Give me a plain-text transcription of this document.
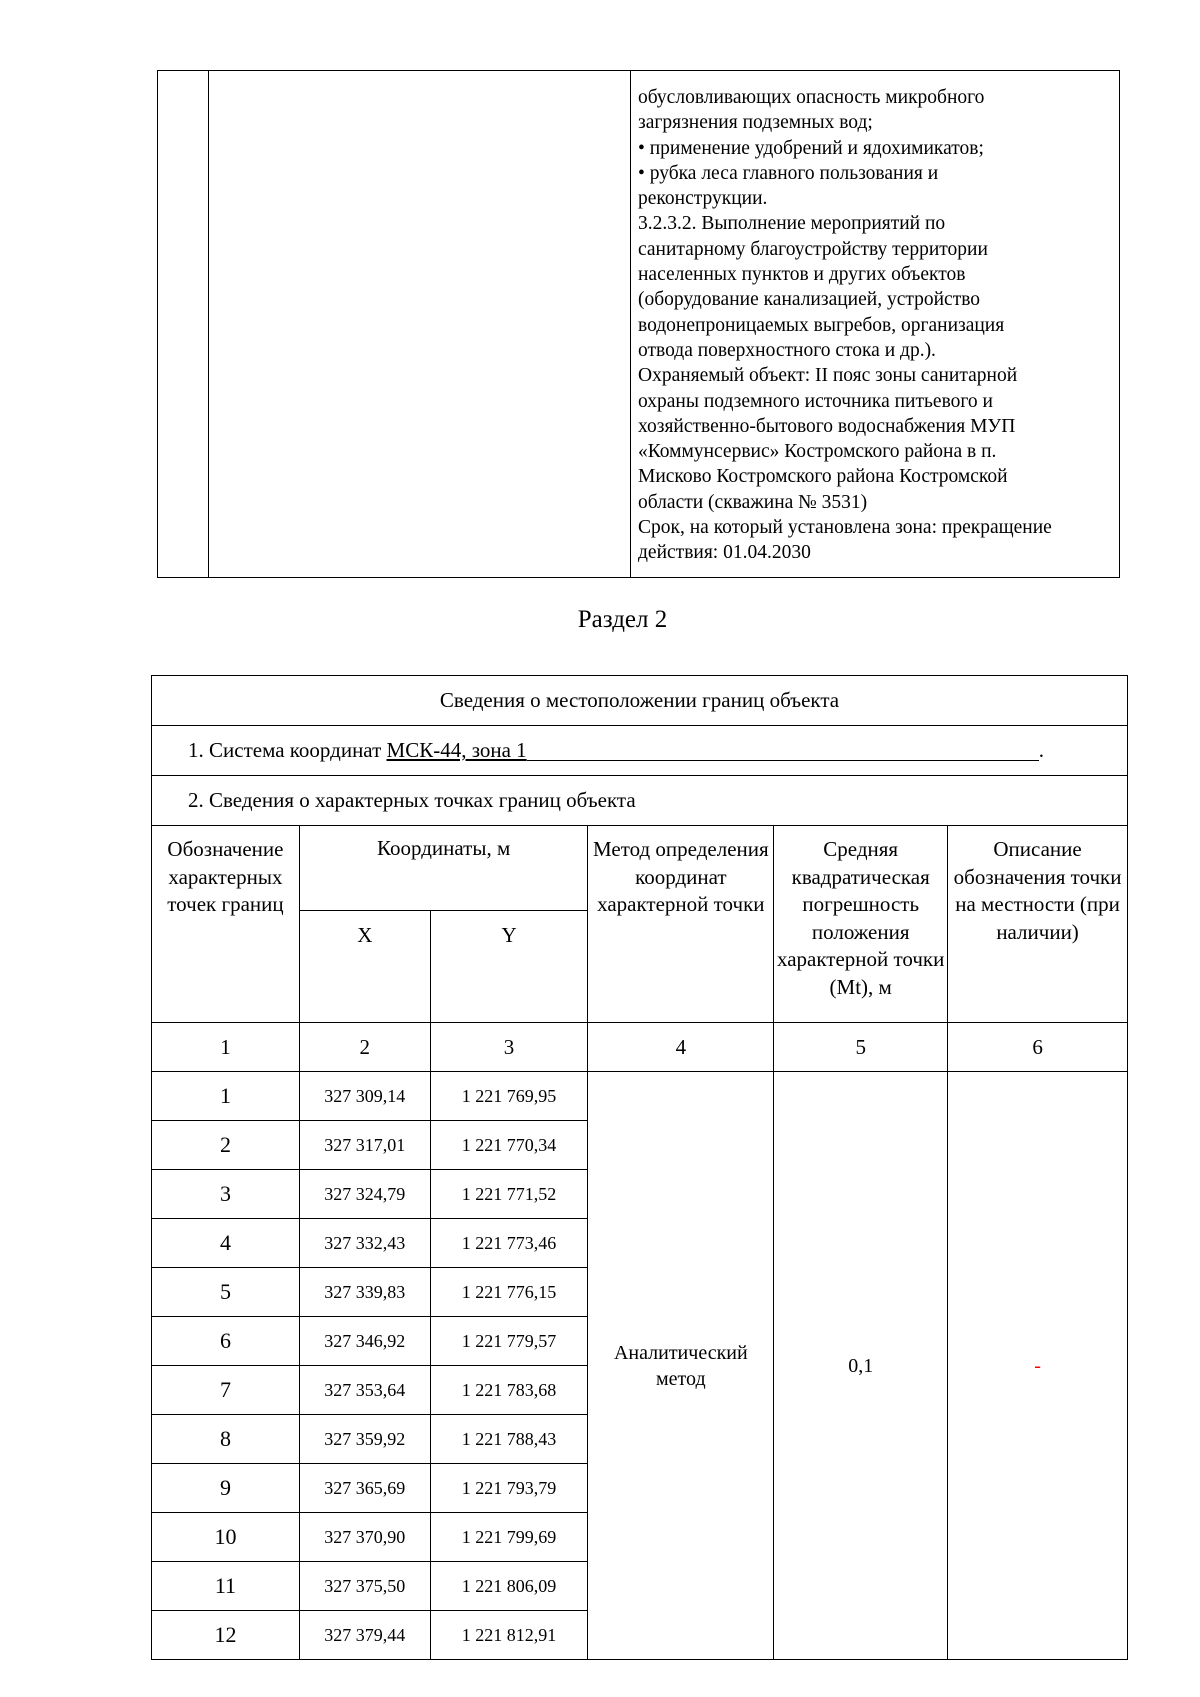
обусловливающих опасность микробного

загрязнения подземных вод;

• применение удобрений и ядохимикатов;

• рубка леса главного пользования и

реконструкции.

3.2.3.2. Выполнение мероприятий по

санитарному благоустройству территории

населенных пунктов и других объектов

(оборудование канализацией, устройство

водонепроницаемых выгребов, организация

отвода поверхностного стока и др.).

Охраняемый объект: II пояс зоны санитарной

охраны подземного источника питьевого и

хозяйственно-бытового водоснабжения МУП

«Коммунсервис» Костромского района в п.

Мисково Костромского района Костромской

области (скважина № 3531)

Срок, на который установлена зона: прекращение

действия: 01.04.2030

Раздел 2
Сведения о местоположении границ объекта					
1. Система координат МСК-44, зона 1 .					
2. Сведения о характерных точках границ объекта					
Обозначение характерных точек границ	Координаты, м		Метод определения координат характерной точки	Средняя квадратическая погрешность положения характерной точки (Mt), м	Описание обозначения точки на местности (при наличии)
	X	Y			
1	2	3	4	5	6
1	327 309,14	1 221 769,95	Аналитический метод	0,1	-
2	327 317,01	1 221 770,34			
3	327 324,79	1 221 771,52			
4	327 332,43	1 221 773,46			
5	327 339,83	1 221 776,15			
6	327 346,92	1 221 779,57			
7	327 353,64	1 221 783,68			
8	327 359,92	1 221 788,43			
9	327 365,69	1 221 793,79			
10	327 370,90	1 221 799,69			
11	327 375,50	1 221 806,09			
12	327 379,44	1 221 812,91			
